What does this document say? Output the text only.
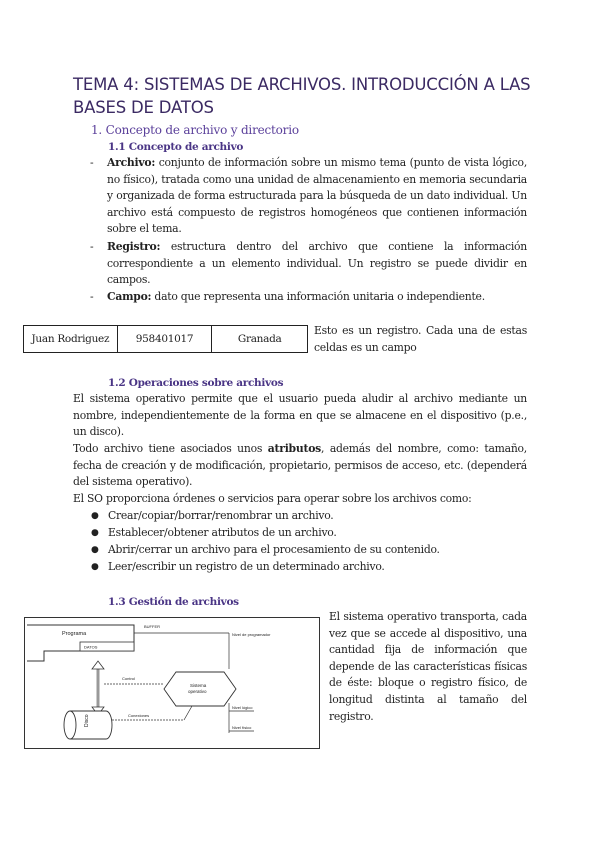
TEMA 4: SISTEMAS DE ARCHIVOS. INTRODUCCIÓN A LAS BASES DE DATOS
1. Concepto de archivo y directorio
1.1 Concepto de archivo
- Archivo: conjunto de información sobre un mismo tema (punto de vista lógico, no físico), tratada como una unidad de almacenamiento en memoria secundaria y organizada de forma estructurada para la búsqueda de un dato individual. Un archivo está compuesto de registros homogéneos que contienen información sobre el tema.
- Registro: estructura dentro del archivo que contiene la información correspondiente a un elemento individual. Un registro se puede dividir en campos.
- Campo: dato que representa una información unitaria o independiente.
Juan Rodriguez	958401017	Granada
Esto es un registro. Cada una de estas celdas es un campo
1.2 Operaciones sobre archivos
El sistema operativo permite que el usuario pueda aludir al archivo mediante un nombre, independientemente de la forma en que se almacene en el dispositivo (p.e., un disco).
Todo archivo tiene asociados unos atributos, además del nombre, como: tamaño, fecha de creación y de modificación, propietario, permisos de acceso, etc. (dependerá del sistema operativo).
El SO proporciona órdenes o servicios para operar sobre los archivos como:
● Crear/copiar/borrar/renombrar un archivo.
● Establecer/obtener atributos de un archivo.
● Abrir/cerrar un archivo para el procesamiento de su contenido.
● Leer/escribir un registro de un determinado archivo.
1.3 Gestión de archivos
El sistema operativo transporta, cada vez que se accede al dispositivo, una cantidad fija de información que depende de las características físicas de éste: bloque o registro físico, de longitud distinta al tamaño del registro.
Programa
DATOS
BUFFER
Nivel de programador
Control
Sistema
operativo
Nivel lógico
Nivel físico
Conexiones
Disco
